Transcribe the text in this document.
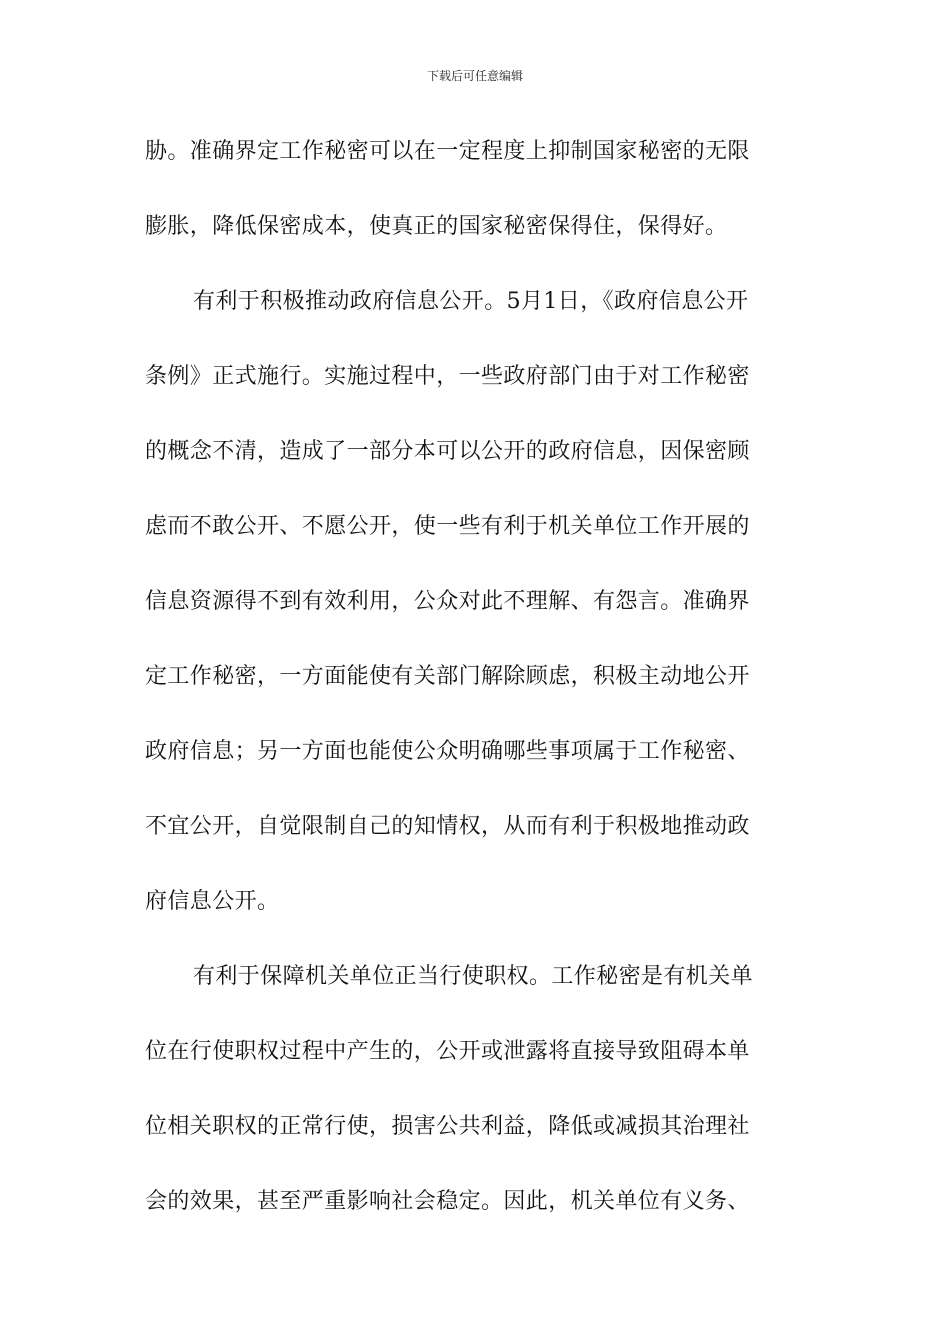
下载后可任意编辑
胁。准确界定工作秘密可以在一定程度上抑制国家秘密的无限
膨胀，降低保密成本，使真正的国家秘密保得住，保得好。
有利于积极推动政府信息公开。5月1日，《政府信息公开
条例》正式施行。实施过程中，一些政府部门由于对工作秘密
的概念不清，造成了一部分本可以公开的政府信息，因保密顾
虑而不敢公开、不愿公开，使一些有利于机关单位工作开展的
信息资源得不到有效利用，公众对此不理解、有怨言。准确界
定工作秘密，一方面能使有关部门解除顾虑，积极主动地公开
政府信息；另一方面也能使公众明确哪些事项属于工作秘密、
不宜公开，自觉限制自己的知情权，从而有利于积极地推动政
府信息公开。
有利于保障机关单位正当行使职权。工作秘密是有机关单
位在行使职权过程中产生的，公开或泄露将直接导致阻碍本单
位相关职权的正常行使，损害公共利益，降低或减损其治理社
会的效果，甚至严重影响社会稳定。因此，机关单位有义务、
